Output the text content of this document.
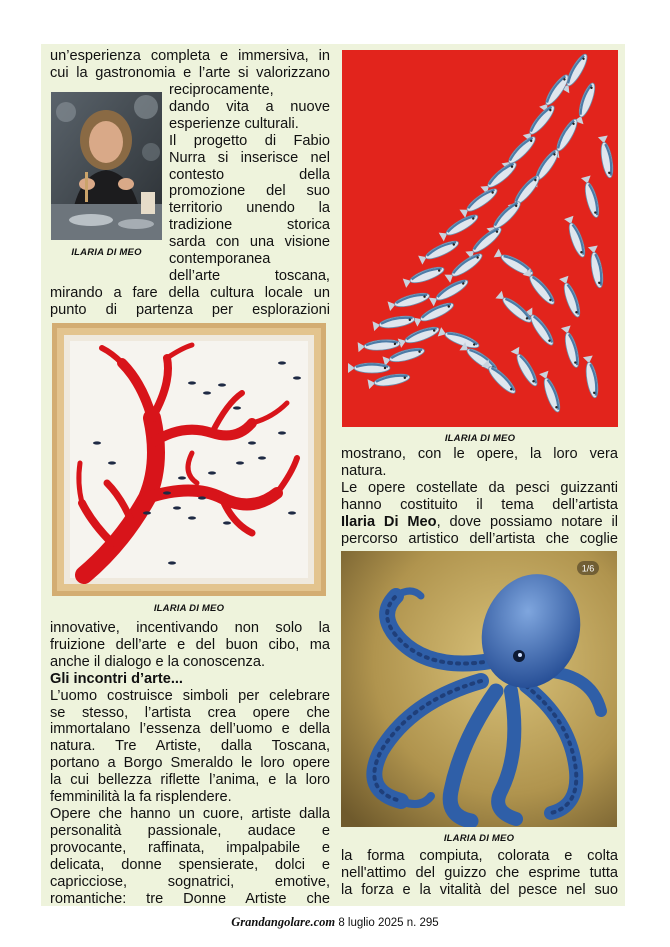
un’esperienza completa e immersiva, in

cui la gastronomia e l’arte si valorizzano

reciprocamente,

dando vita a nuove

esperienze culturali.

Il progetto di Fabio

Nurra si inserisce nel

contesto della

promozione del suo

territorio unendo la

tradizione storica

sarda con una visione

contemporanea

dell’arte toscana,

mirando a fare della cultura locale un

punto di partenza per esplorazioni

ILARIA DI MEO
ILARIA DI MEO

innovative, incentivando non solo la

fruizione dell’arte e del buon cibo, ma

anche il dialogo e la conoscenza.

Gli incontri d’arte...

L’uomo costruisce simboli per celebrare

se stesso, l’artista crea opere che

immortalano l’essenza dell’uomo e della

natura. Tre Artiste, dalla Toscana,

portano a Borgo Smeraldo le loro opere

la cui bellezza riflette l’anima, e la loro

femminilità la fa risplendere.

Opere che hanno un cuore, artiste dalla

personalità passionale, audace e

provocante, raffinata, impalpabile e

delicata, donne spensierate, dolci e

capricciose, sognatrici, emotive,

romantiche: tre Donne Artiste che

ILARIA DI MEO

mostrano, con le opere, la loro vera

natura.

Le opere costellate da pesci guizzanti

hanno costituito il tema dell’artista

Ilaria Di Meo, dove possiamo notare il

percorso artistico dell’artista che coglie

1/6
ILARIA DI MEO

la forma compiuta, colorata e colta

nell'attimo del guizzo che esprime tutta

la forza e la vitalità del pesce nel suo

Grandangolare.com 8 luglio 2025 n. 295
